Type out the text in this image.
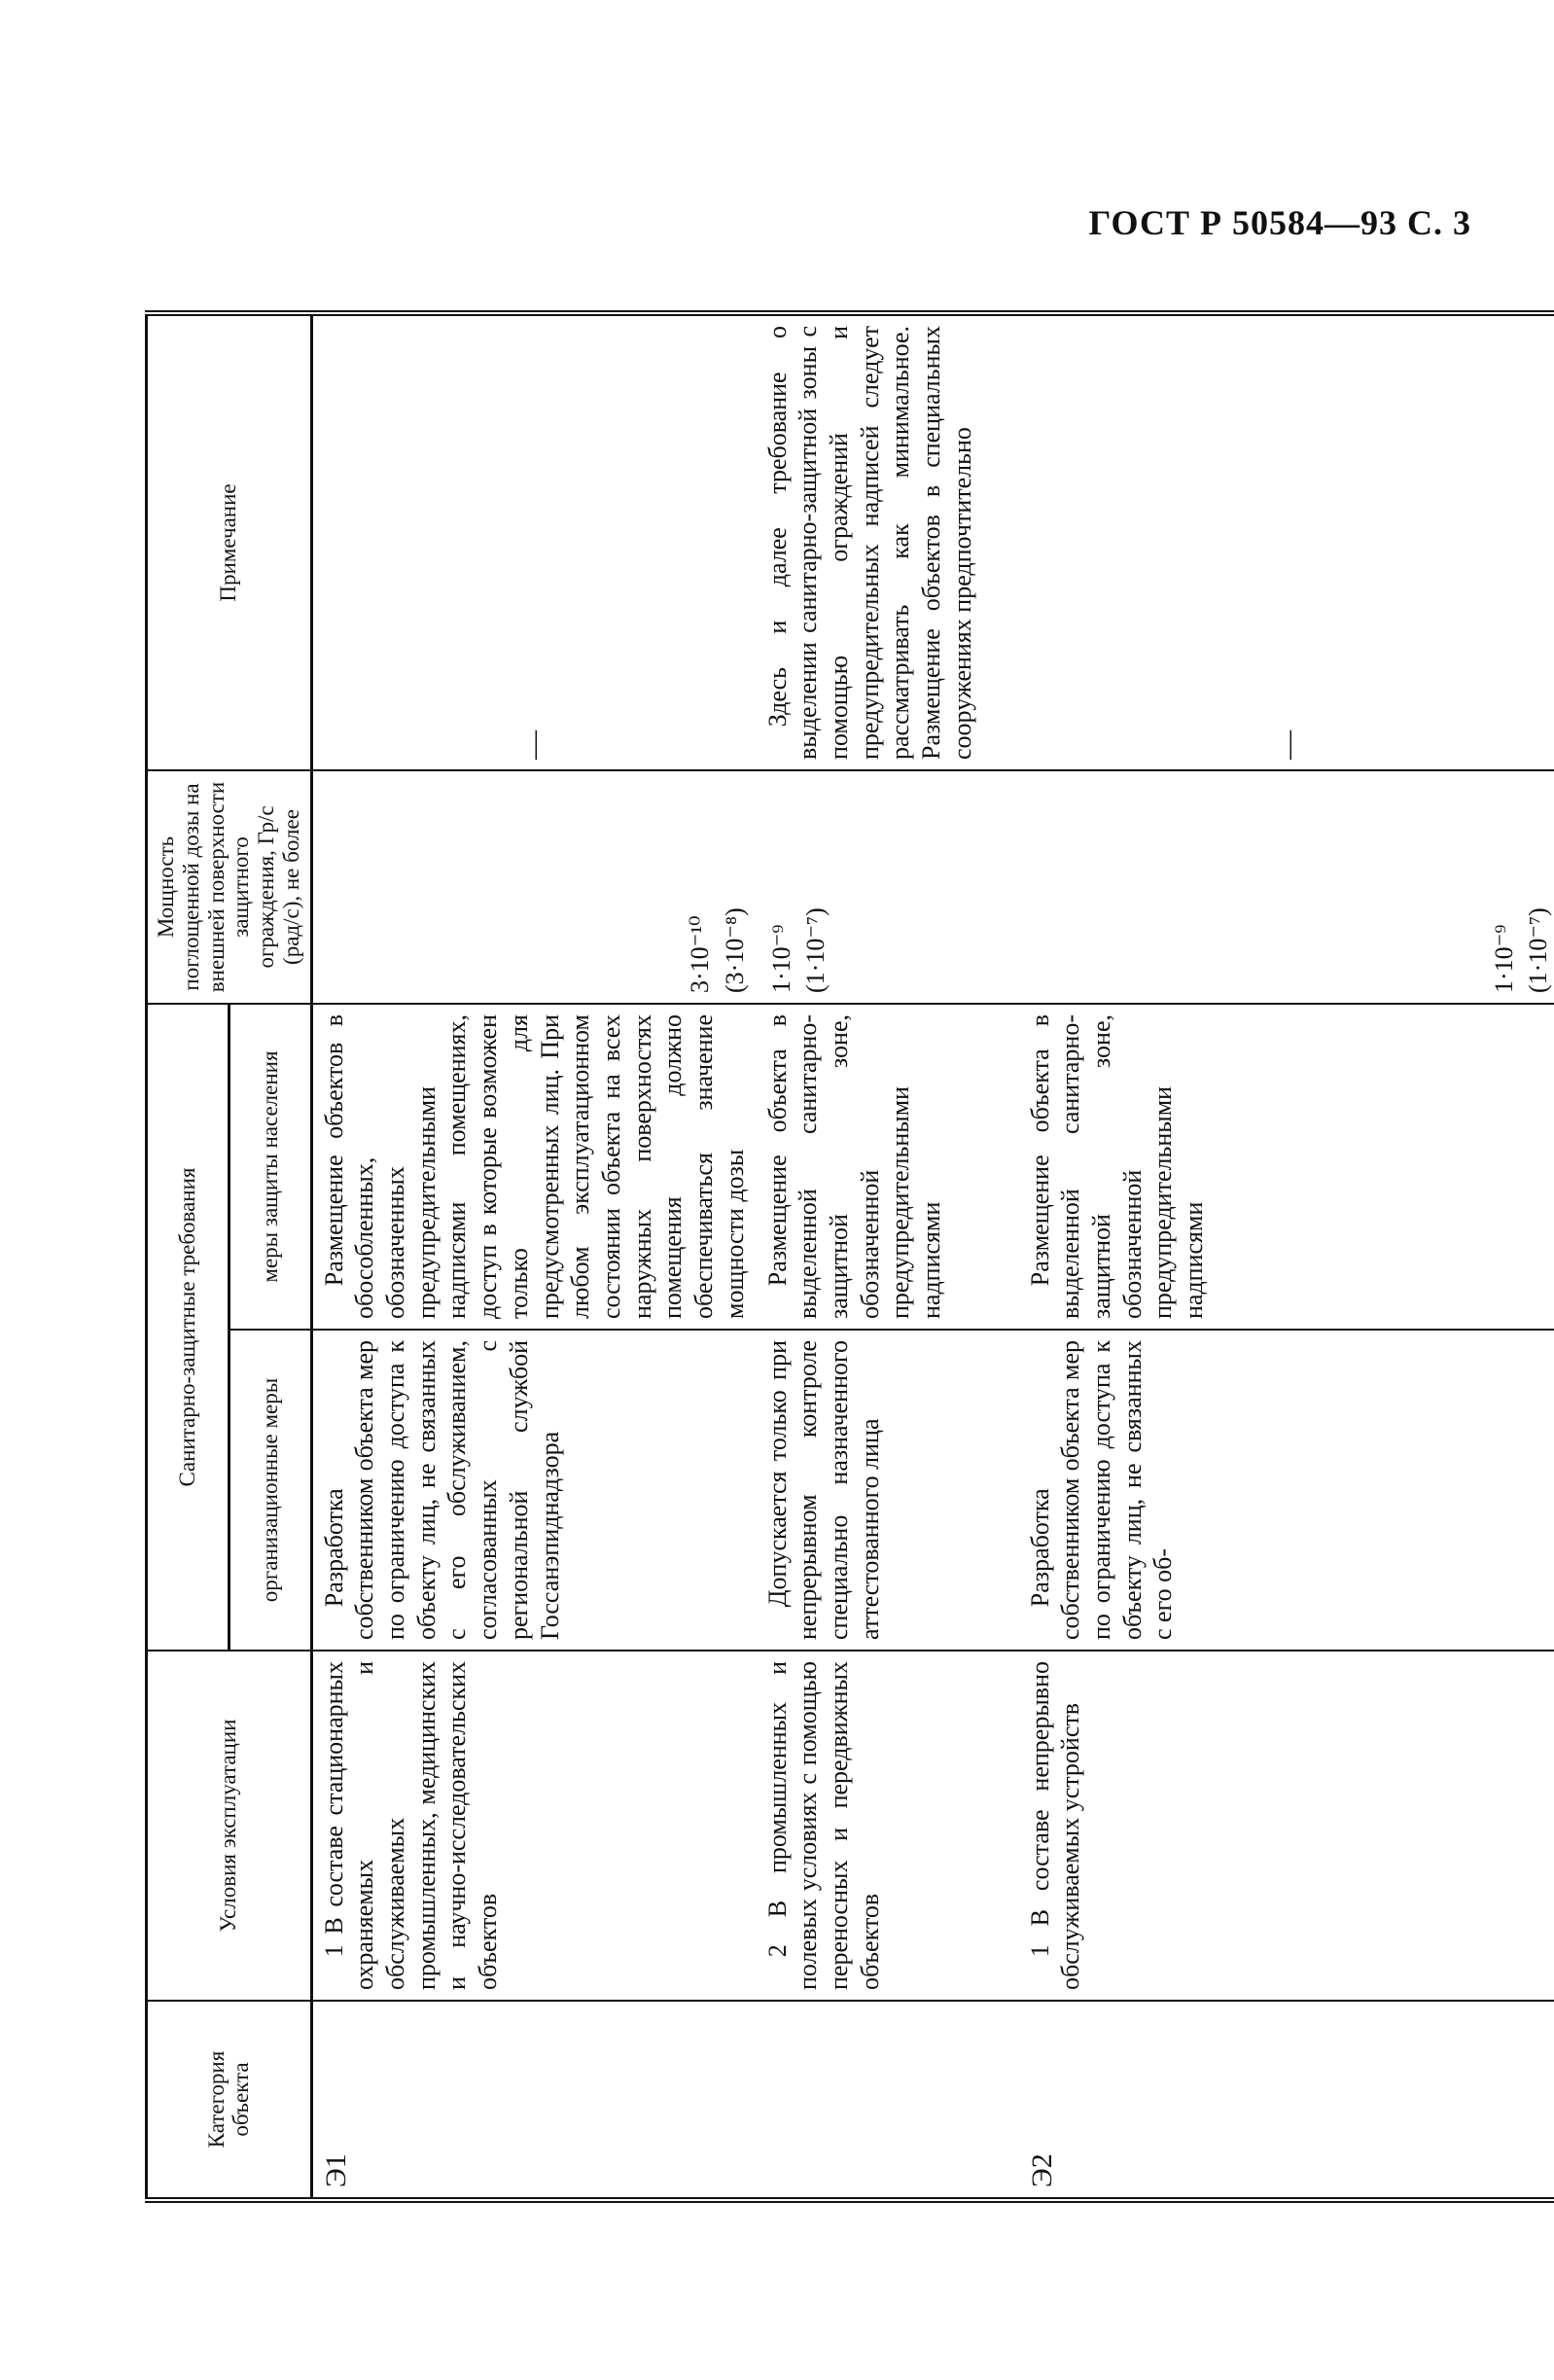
ГОСТ Р 50584—93 С. 3
Категория объекта	Условия эксплуатации	Санитарно-защитные требования		Мощность поглощенной дозы на внешней поверхности защитного ограждения, Гр/с (рад/с), не более	Примечание
		организационные меры	меры защиты населения		
Э1	1 В составе стационарных охраняемых и обслуживаемых промышленных, медицинских и научно-исследовательских объектов	Разработка собственником объекта мер по ограничению доступа к объекту лиц, не связанных с его обслуживанием, согласованных с региональной службой Госсанэпиднадзора	Размещение объектов в обособленных, обозначенных предупредительными надписями помещениях, доступ в которые возможен только для предусмотренных лиц. При любом эксплуатационном состоянии объекта на всех наружных поверхностях помещения должно обеспечиваться значение мощности дозы	3·10⁻¹⁰ (3·10⁻⁸)	—
	2 В промышленных и полевых условиях с помощью переносных и передвижных объектов	Допускается только при непрерывном контроле специально назначенного аттестованного лица	Размещение объекта в выделенной санитарно-защитной зоне, обозначенной предупредительными надписями	1·10⁻⁹ (1·10⁻⁷)	Здесь и далее требование о выделении санитарно-защитной зоны с помощью ограждений и предупредительных надписей следует рассматривать как минимальное. Размещение объектов в специальных сооружениях предпочтительно
Э2	1 В составе непрерывно обслуживаемых устройств	Разработка собственником объекта мер по ограничению доступа к объекту лиц, не связанных с его об-	Размещение объекта в выделенной санитарно-защитной зоне, обозначенной предупредительными надписями	1·10⁻⁹ (1·10⁻⁷)	—
